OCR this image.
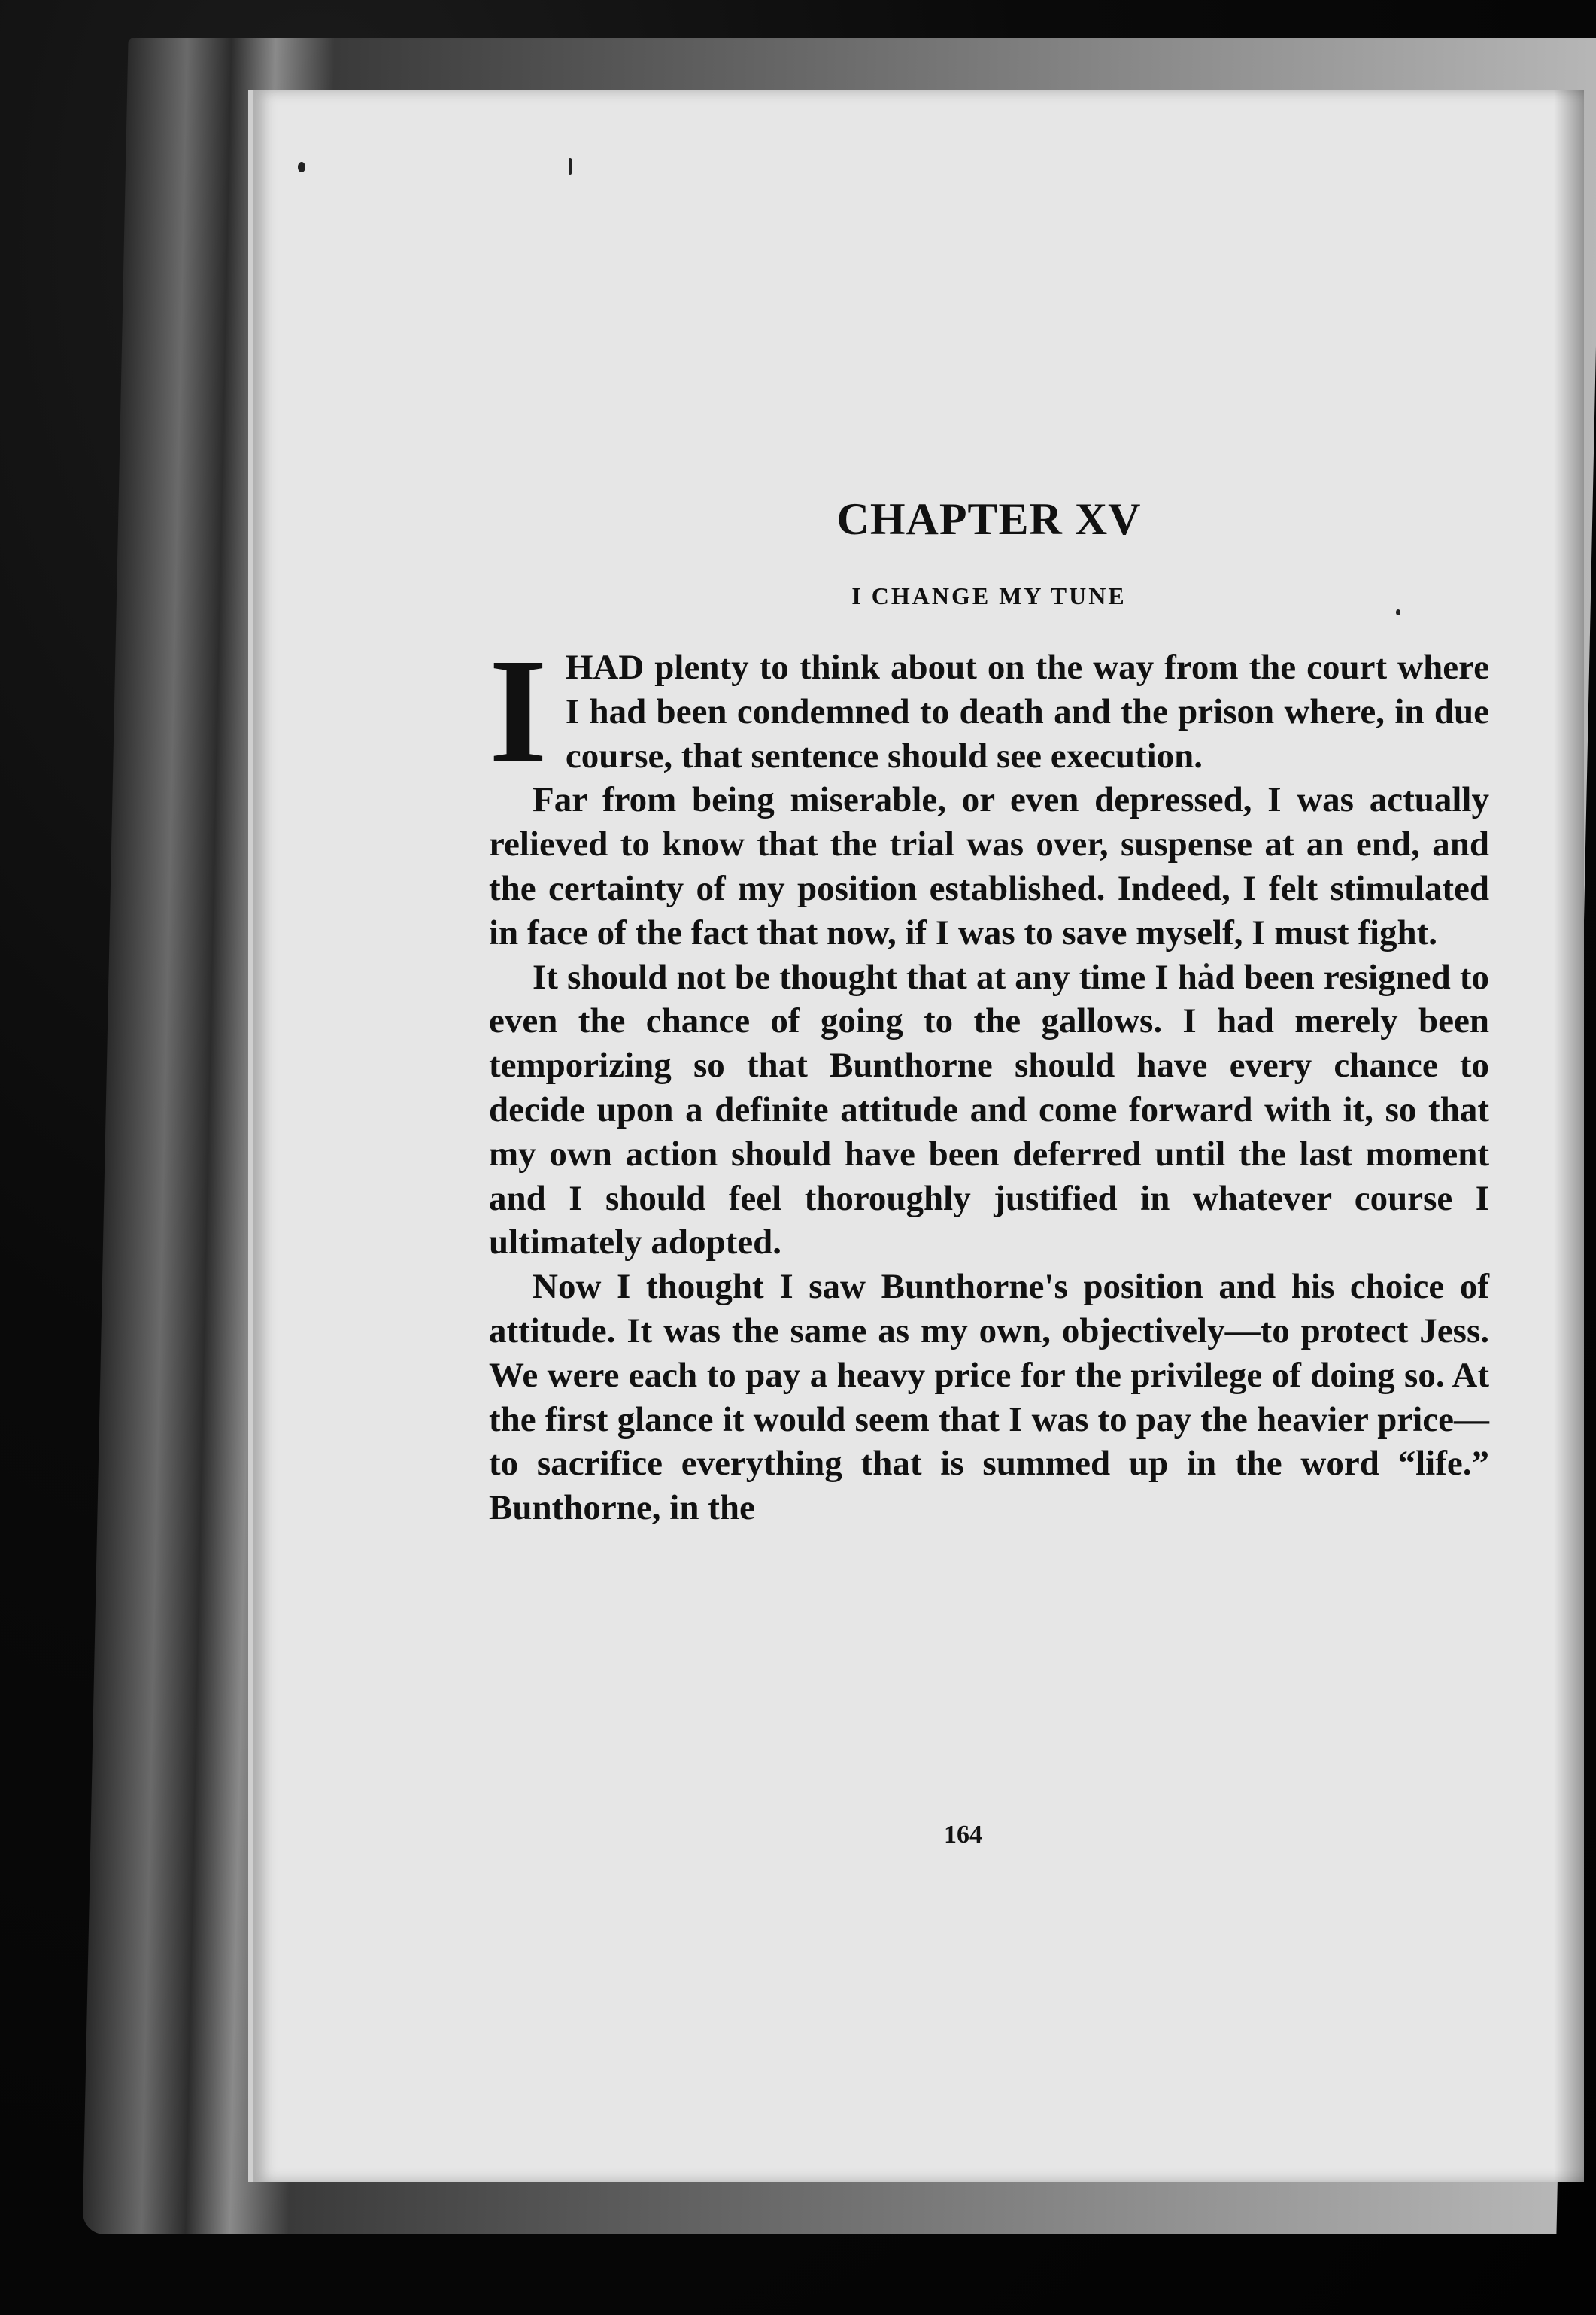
CHAPTER XV
I CHANGE MY TUNE

IHAD plenty to think about on the way from the court where I had been condemned to death and the prison where, in due course, that sentence should see execution.

Far from being miserable, or even depressed, I was actually relieved to know that the trial was over, suspense at an end, and the certainty of my position established. Indeed, I felt stimulated in face of the fact that now, if I was to save myself, I must fight.

It should not be thought that at any time I had been resigned to even the chance of going to the gallows. I had merely been temporizing so that Bunthorne should have every chance to decide upon a definite attitude and come forward with it, so that my own action should have been deferred until the last moment and I should feel thoroughly justified in whatever course I ultimately adopted.

Now I thought I saw Bunthorne's position and his choice of attitude. It was the same as my own, objectively—to protect Jess. We were each to pay a heavy price for the privilege of doing so. At the first glance it would seem that I was to pay the heavier price—to sacrifice everything that is summed up in the word “life.” Bunthorne, in the

164
